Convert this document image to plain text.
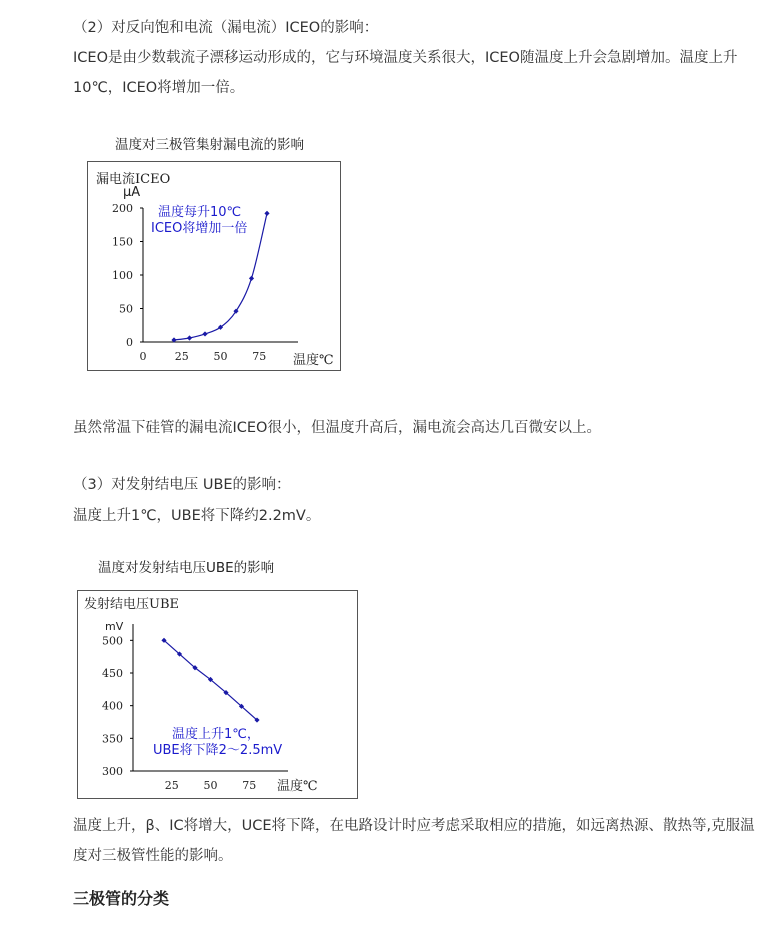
（2）对反向饱和电流（漏电流）ICEO的影响：

ICEO是由少数载流子漂移运动形成的，它与环境温度关系很大，ICEO随温度上升会急剧增加。温度上升10℃，ICEO将增加一倍。

温度对三极管集射漏电流的影响
漏电流ICEO
μA
0
50
100
150
200
0	25 50 75 温度℃
温度每升10℃
ICEO将增加一倍

虽然常温下硅管的漏电流ICEO很小，但温度升高后，漏电流会高达几百微安以上。

（3）对发射结电压 UBE的影响：

温度上升1℃，UBE将下降约2.2mV。

温度对发射结电压UBE的影响
发射结电压UBE
mV
300
350
400
450
500
25 50 75 温度℃
温度上升1℃，
UBE将下降2～2.5mV

温度上升，β、IC将增大，UCE将下降，在电路设计时应考虑采取相应的措施，如远离热源、散热等,克服温度对三极管性能的影响。

三极管的分类
